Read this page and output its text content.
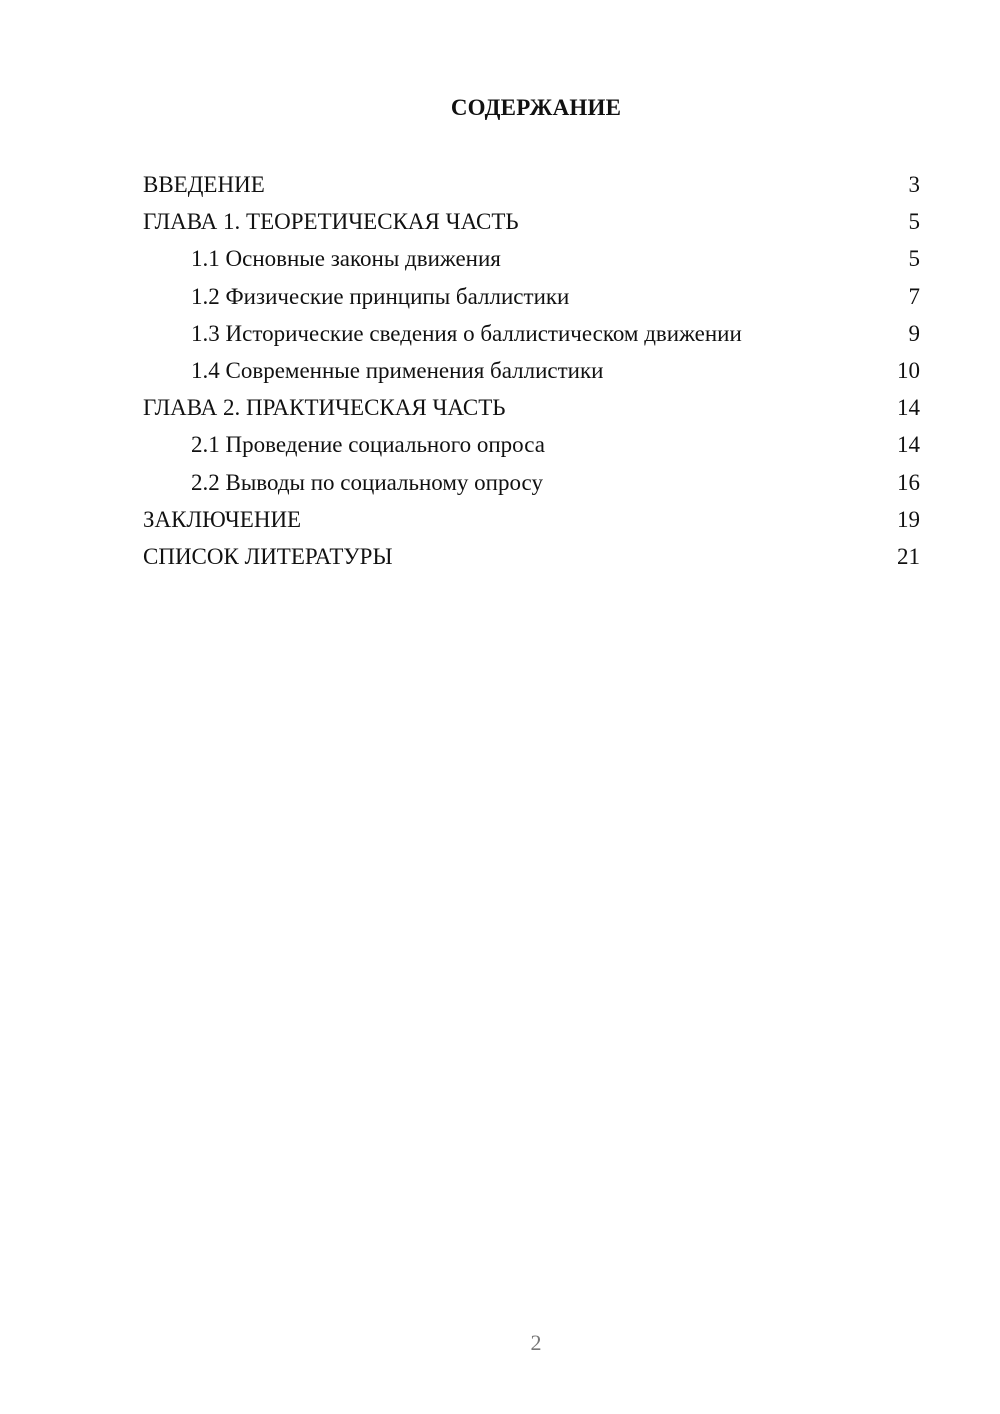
СОДЕРЖАНИЕ
ВВЕДЕНИЕ	3
ГЛАВА 1. ТЕОРЕТИЧЕСКАЯ ЧАСТЬ	5
1.1 Основные законы движения	5
1.2 Физические принципы баллистики	7
1.3 Исторические сведения о баллистическом движении	9
1.4 Современные применения баллистики	10
ГЛАВА 2. ПРАКТИЧЕСКАЯ ЧАСТЬ	14
2.1 Проведение социального опроса	14
2.2 Выводы по социальному опросу	16
ЗАКЛЮЧЕНИЕ	19
СПИСОК ЛИТЕРАТУРЫ	21
2
